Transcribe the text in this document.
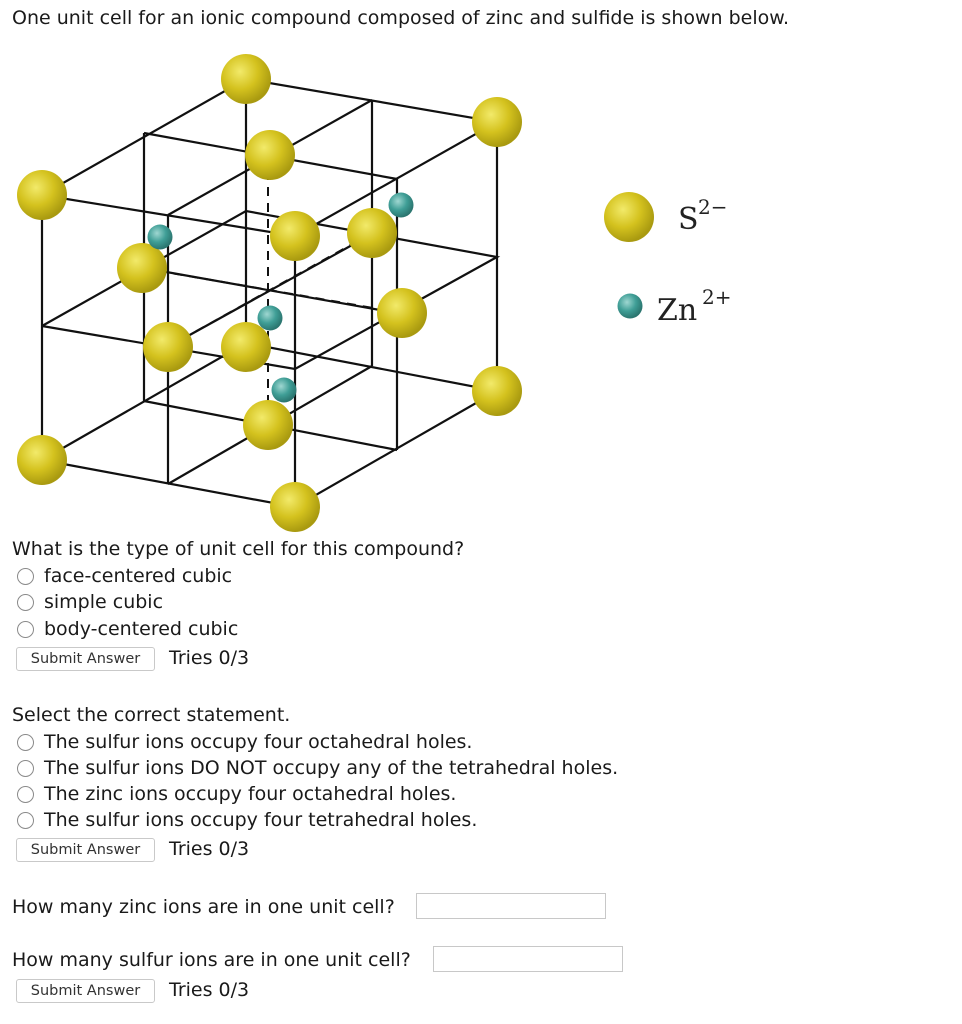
One unit cell for an ionic compound composed of zinc and sulfide is shown below.
S 2−
Zn 2+
What is the type of unit cell for this compound?
face-centered cubic
simple cubic
body-centered cubic
Submit Answer	Tries 0/3
Select the correct statement.
The sulfur ions occupy four octahedral holes.
The sulfur ions DO NOT occupy any of the tetrahedral holes.
The zinc ions occupy four octahedral holes.
The sulfur ions occupy four tetrahedral holes.
Submit Answer	Tries 0/3
How many zinc ions are in one unit cell?
How many sulfur ions are in one unit cell?
Submit Answer	Tries 0/3
